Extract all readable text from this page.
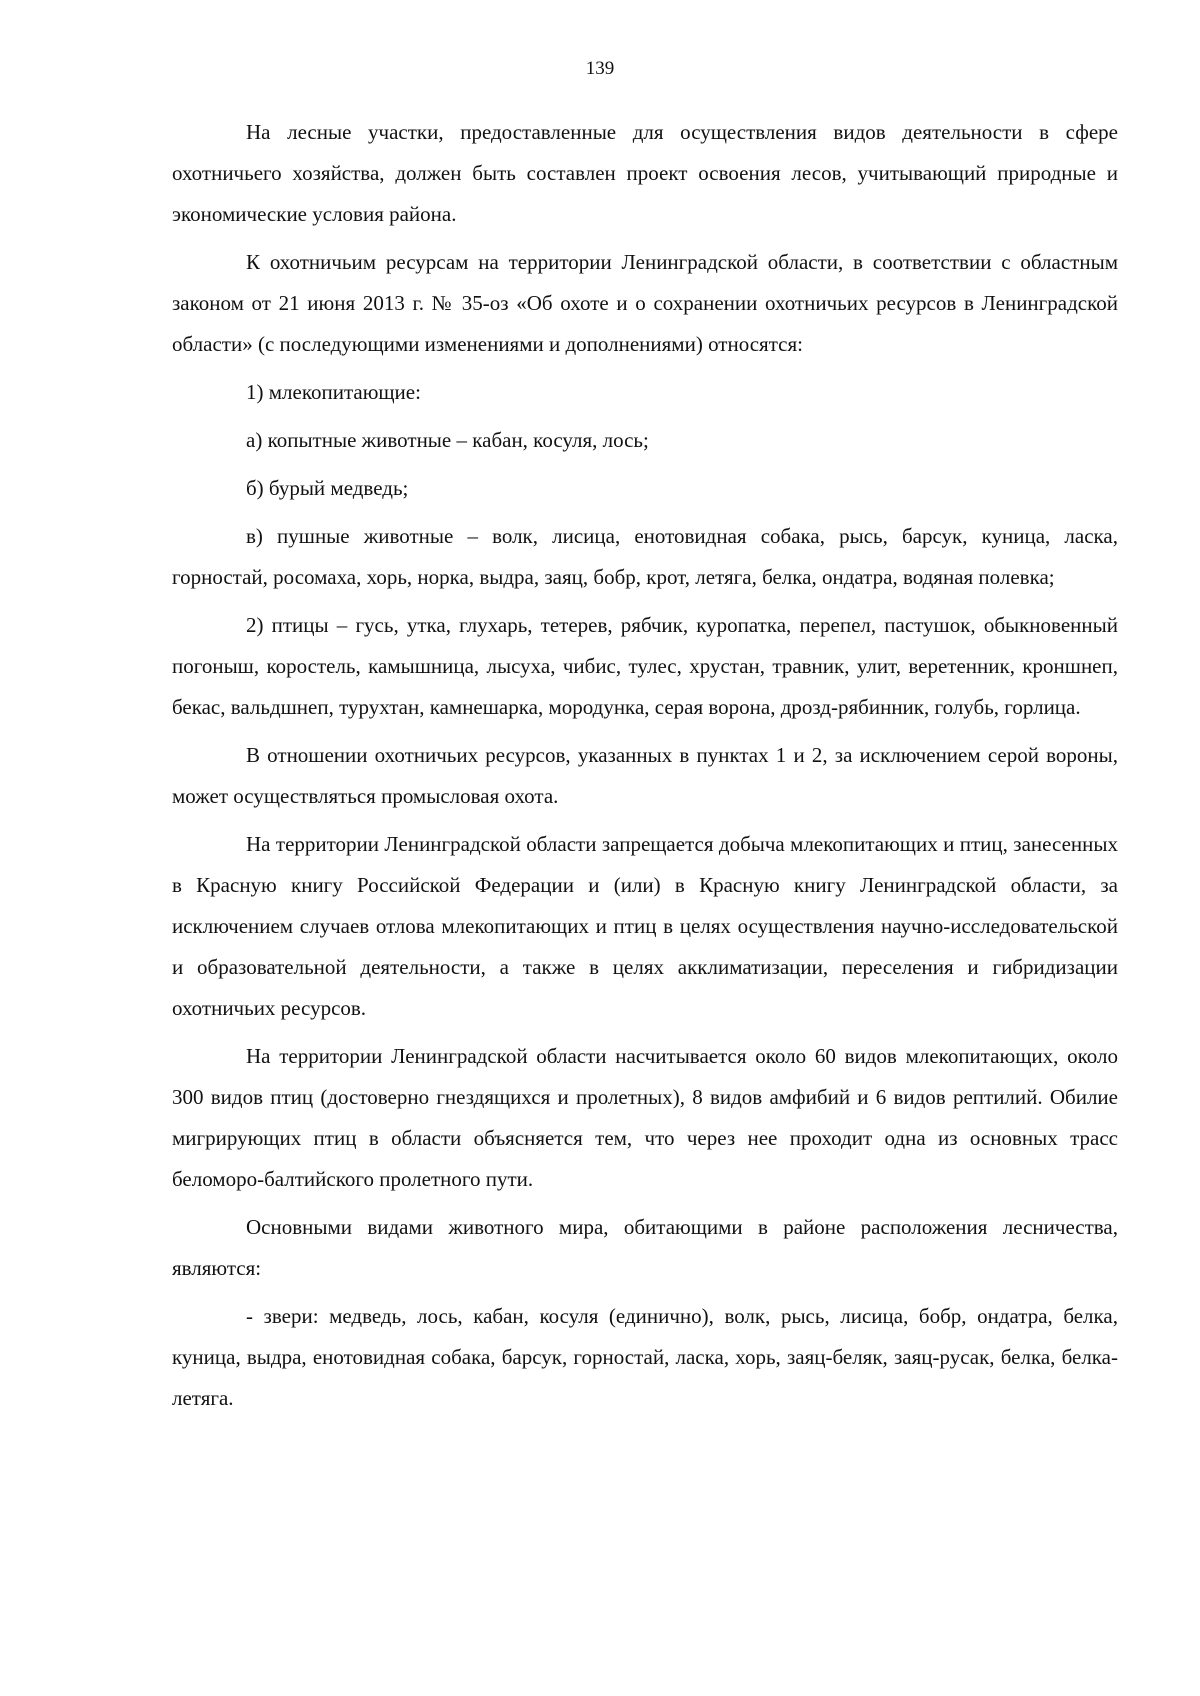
139

На лесные участки, предоставленные для осуществления видов деятельности в сфере охотничьего хозяйства, должен быть составлен проект освоения лесов, учитывающий природные и экономические условия района.

К охотничьим ресурсам на территории Ленинградской области, в соответствии с областным законом от 21 июня 2013 г. № 35-оз «Об охоте и о сохранении охотничьих ресурсов в Ленинградской области» (с последующими изменениями и дополнениями) относятся:

1) млекопитающие:

а) копытные животные – кабан, косуля, лось;

б) бурый медведь;

в) пушные животные – волк, лисица, енотовидная собака, рысь, барсук, куница, ласка, горностай, росомаха, хорь, норка, выдра, заяц, бобр, крот, летяга, белка, ондатра, водяная полевка;

2) птицы – гусь, утка, глухарь, тетерев, рябчик, куропатка, перепел, пастушок, обыкновенный погоныш, коростель, камышница, лысуха, чибис, тулес, хрустан, травник, улит, веретенник, кроншнеп, бекас, вальдшнеп, турухтан, камнешарка, мородунка, серая ворона, дрозд-рябинник, голубь, горлица.

В отношении охотничьих ресурсов, указанных в пунктах 1 и 2, за исключением серой вороны, может осуществляться промысловая охота.

На территории Ленинградской области запрещается добыча млекопитающих и птиц, занесенных в Красную книгу Российской Федерации и (или) в Красную книгу Ленинградской области, за исключением случаев отлова млекопитающих и птиц в целях осуществления научно-исследовательской и образовательной деятельности, а также в целях акклиматизации, переселения и гибридизации охотничьих ресурсов.

На территории Ленинградской области насчитывается около 60 видов млекопитающих, около 300 видов птиц (достоверно гнездящихся и пролетных), 8 видов амфибий и 6 видов рептилий. Обилие мигрирующих птиц в области объясняется тем, что через нее проходит одна из основных трасс беломоро-балтийского пролетного пути.

Основными видами животного мира, обитающими в районе расположения лесничества, являются:

- звери: медведь, лось, кабан, косуля (единично), волк, рысь, лисица, бобр, ондатра, белка, куница, выдра, енотовидная собака, барсук, горностай, ласка, хорь, заяц-беляк, заяц-русак, белка, белка-летяга.
